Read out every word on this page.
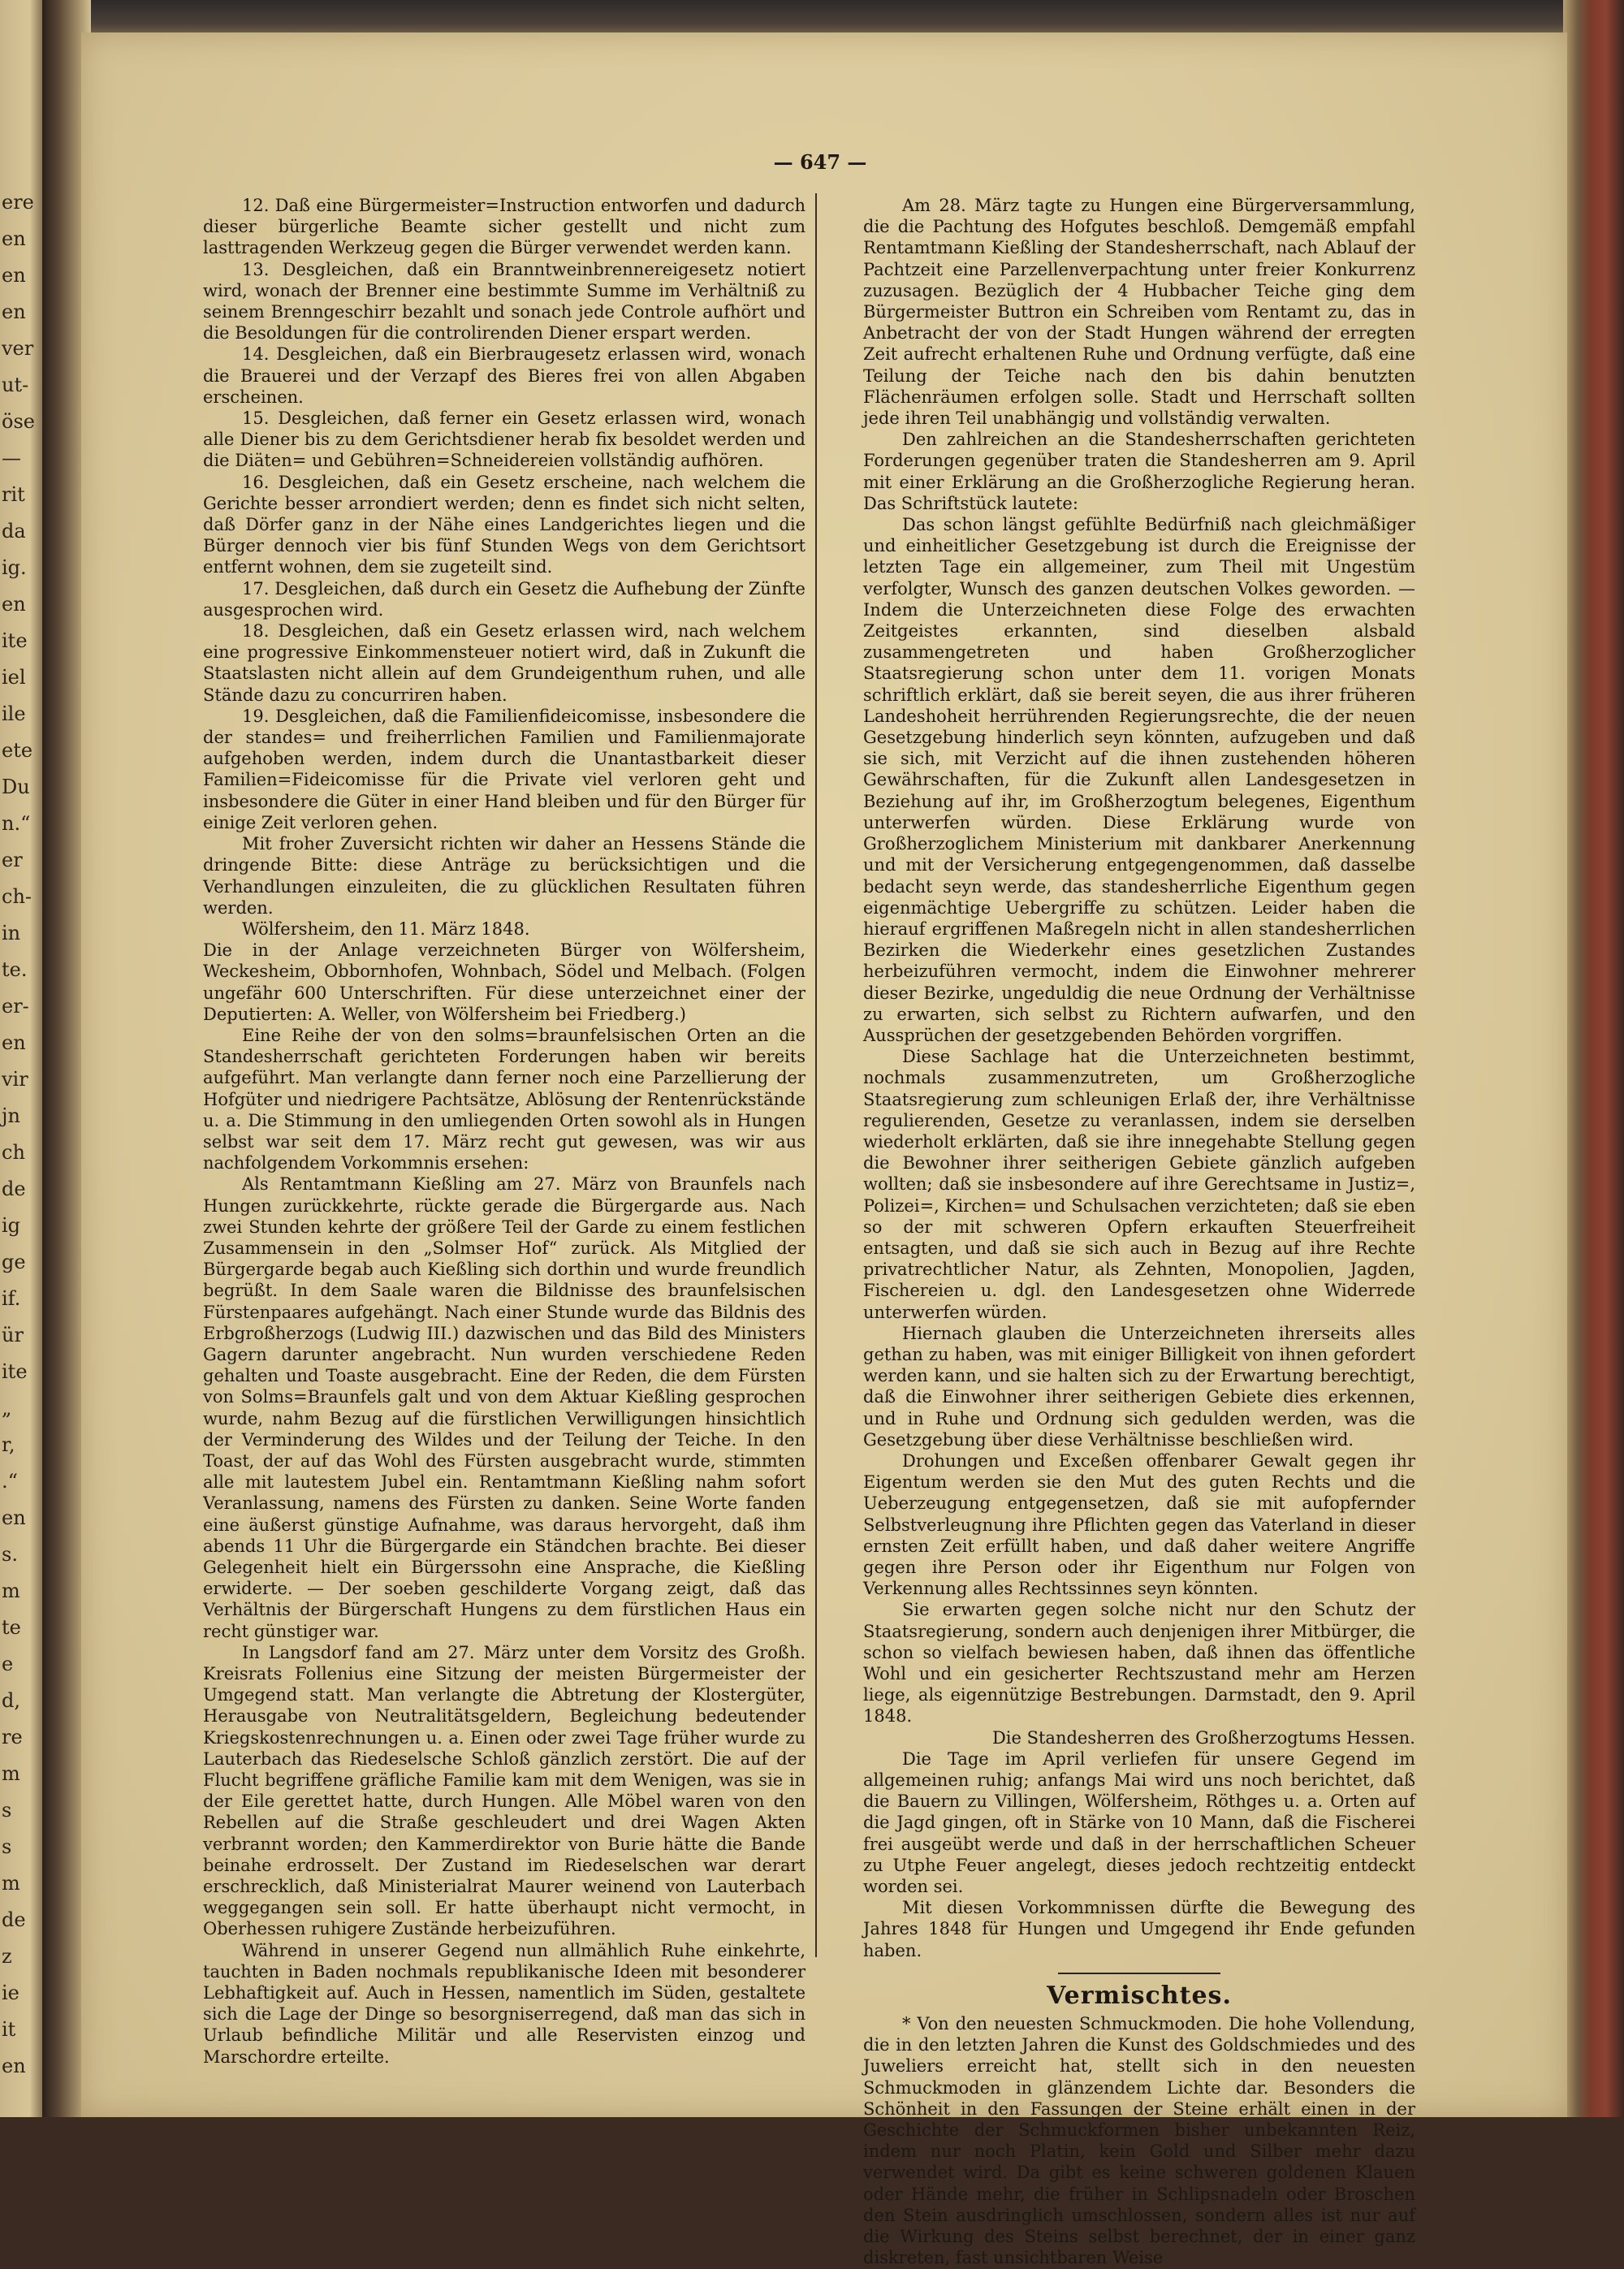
ere
en
en
en
ver
ut-
öse
—
rit
da
ig.
en
ite
iel
ile
ete
Du
n.“
er
ch-
in
te.
er-
en
vir
jn
ch
de
ig
ge
if.
ür
ite
„
r,
.“
en
s.
m
te
e
d,
re
m
s
s
m
de
z
ie
it
en
— 647 —

12. Daß eine Bürgermeister=Instruction entworfen und dadurch dieser bürgerliche Beamte sicher gestellt und nicht zum lasttragenden Werkzeug gegen die Bürger verwendet werden kann.

13. Desgleichen, daß ein Branntweinbrennereigesetz notiert wird, wonach der Brenner eine bestimmte Summe im Verhältniß zu seinem Brenngeschirr bezahlt und sonach jede Controle aufhört und die Besoldungen für die controlirenden Diener erspart werden.

14. Desgleichen, daß ein Bierbraugesetz erlassen wird, wonach die Brauerei und der Verzapf des Bieres frei von allen Abgaben erscheinen.

15. Desgleichen, daß ferner ein Gesetz erlassen wird, wonach alle Diener bis zu dem Gerichtsdiener herab fix besoldet werden und die Diäten= und Gebühren=Schneidereien vollständig aufhören.

16. Desgleichen, daß ein Gesetz erscheine, nach welchem die Gerichte besser arrondiert werden; denn es findet sich nicht selten, daß Dörfer ganz in der Nähe eines Landgerichtes liegen und die Bürger dennoch vier bis fünf Stunden Wegs von dem Gerichtsort entfernt wohnen, dem sie zugeteilt sind.

17. Desgleichen, daß durch ein Gesetz die Aufhebung der Zünfte ausgesprochen wird.

18. Desgleichen, daß ein Gesetz erlassen wird, nach welchem eine progressive Einkommensteuer notiert wird, daß in Zukunft die Staatslasten nicht allein auf dem Grundeigenthum ruhen, und alle Stände dazu zu concurriren haben.

19. Desgleichen, daß die Familienfideicomisse, insbesondere die der standes= und freiherrlichen Familien und Familienmajorate aufgehoben werden, indem durch die Unantastbarkeit dieser Familien=Fideicomisse für die Private viel verloren geht und insbesondere die Güter in einer Hand bleiben und für den Bürger für einige Zeit verloren gehen.

Mit froher Zuversicht richten wir daher an Hessens Stände die dringende Bitte: diese Anträge zu berücksichtigen und die Verhandlungen einzuleiten, die zu glücklichen Resultaten führen werden.

Wölfersheim, den 11. März 1848.

Die in der Anlage verzeichneten Bürger von Wölfersheim, Weckesheim, Obbornhofen, Wohnbach, Södel und Melbach. (Folgen ungefähr 600 Unterschriften. Für diese unterzeichnet einer der Deputierten: A. Weller, von Wölfersheim bei Friedberg.)

Eine Reihe der von den solms=braunfelsischen Orten an die Standesherrschaft gerichteten Forderungen haben wir bereits aufgeführt. Man verlangte dann ferner noch eine Parzellierung der Hofgüter und niedrigere Pachtsätze, Ablösung der Rentenrückstände u. a. Die Stimmung in den umliegenden Orten sowohl als in Hungen selbst war seit dem 17. März recht gut gewesen, was wir aus nachfolgendem Vorkommnis ersehen:

Als Rentamtmann Kießling am 27. März von Braunfels nach Hungen zurückkehrte, rückte gerade die Bürgergarde aus. Nach zwei Stunden kehrte der größere Teil der Garde zu einem festlichen Zusammensein in den „Solmser Hof“ zurück. Als Mitglied der Bürgergarde begab auch Kießling sich dorthin und wurde freundlich begrüßt. In dem Saale waren die Bildnisse des braunfelsischen Fürstenpaares aufgehängt. Nach einer Stunde wurde das Bildnis des Erbgroßherzogs (Ludwig III.) dazwischen und das Bild des Ministers Gagern darunter angebracht. Nun wurden verschiedene Reden gehalten und Toaste ausgebracht. Eine der Reden, die dem Fürsten von Solms=Braunfels galt und von dem Aktuar Kießling gesprochen wurde, nahm Bezug auf die fürstlichen Verwilligungen hinsichtlich der Verminderung des Wildes und der Teilung der Teiche. In den Toast, der auf das Wohl des Fürsten ausgebracht wurde, stimmten alle mit lautestem Jubel ein. Rentamtmann Kießling nahm sofort Veranlassung, namens des Fürsten zu danken. Seine Worte fanden eine äußerst günstige Aufnahme, was daraus hervorgeht, daß ihm abends 11 Uhr die Bürgergarde ein Ständchen brachte. Bei dieser Gelegenheit hielt ein Bürgerssohn eine Ansprache, die Kießling erwiderte. — Der soeben geschilderte Vorgang zeigt, daß das Verhältnis der Bürgerschaft Hungens zu dem fürstlichen Haus ein recht günstiger war.

In Langsdorf fand am 27. März unter dem Vorsitz des Großh. Kreisrats Follenius eine Sitzung der meisten Bürgermeister der Umgegend statt. Man verlangte die Abtretung der Klostergüter, Herausgabe von Neutralitätsgeldern, Begleichung bedeutender Kriegskostenrechnungen u. a. Einen oder zwei Tage früher wurde zu Lauterbach das Riedeselsche Schloß gänzlich zerstört. Die auf der Flucht begriffene gräfliche Familie kam mit dem Wenigen, was sie in der Eile gerettet hatte, durch Hungen. Alle Möbel waren von den Rebellen auf die Straße geschleudert und drei Wagen Akten verbrannt worden; den Kammerdirektor von Burie hätte die Bande beinahe erdrosselt. Der Zustand im Riedeselschen war derart erschrecklich, daß Ministerialrat Maurer weinend von Lauterbach weggegangen sein soll. Er hatte überhaupt nicht vermocht, in Oberhessen ruhigere Zustände herbeizuführen.

Während in unserer Gegend nun allmählich Ruhe einkehrte, tauchten in Baden nochmals republikanische Ideen mit besonderer Lebhaftigkeit auf. Auch in Hessen, namentlich im Süden, gestaltete sich die Lage der Dinge so besorgniserregend, daß man das sich in Urlaub befindliche Militär und alle Reservisten einzog und Marschordre erteilte.

Am 28. März tagte zu Hungen eine Bürgerversammlung, die die Pachtung des Hofgutes beschloß. Demgemäß empfahl Rentamtmann Kießling der Standesherrschaft, nach Ablauf der Pachtzeit eine Parzellenverpachtung unter freier Konkurrenz zuzusagen. Bezüglich der 4 Hubbacher Teiche ging dem Bürgermeister Buttron ein Schreiben vom Rentamt zu, das in Anbetracht der von der Stadt Hungen während der erregten Zeit aufrecht erhaltenen Ruhe und Ordnung verfügte, daß eine Teilung der Teiche nach den bis dahin benutzten Flächenräumen erfolgen solle. Stadt und Herrschaft sollten jede ihren Teil unabhängig und vollständig verwalten.

Den zahlreichen an die Standesherrschaften gerichteten Forderungen gegenüber traten die Standesherren am 9. April mit einer Erklärung an die Großherzogliche Regierung heran. Das Schriftstück lautete:

Das schon längst gefühlte Bedürfniß nach gleichmäßiger und einheitlicher Gesetzgebung ist durch die Ereignisse der letzten Tage ein allgemeiner, zum Theil mit Ungestüm verfolgter, Wunsch des ganzen deutschen Volkes geworden. — Indem die Unterzeichneten diese Folge des erwachten Zeitgeistes erkannten, sind dieselben alsbald zusammengetreten und haben Großherzoglicher Staatsregierung schon unter dem 11. vorigen Monats schriftlich erklärt, daß sie bereit seyen, die aus ihrer früheren Landeshoheit herrührenden Regierungsrechte, die der neuen Gesetzgebung hinderlich seyn könnten, aufzugeben und daß sie sich, mit Verzicht auf die ihnen zustehenden höheren Gewährschaften, für die Zukunft allen Landesgesetzen in Beziehung auf ihr, im Großherzogtum belegenes, Eigenthum unterwerfen würden. Diese Erklärung wurde von Großherzoglichem Ministerium mit dankbarer Anerkennung und mit der Versicherung entgegengenommen, daß dasselbe bedacht seyn werde, das standesherrliche Eigenthum gegen eigenmächtige Uebergriffe zu schützen. Leider haben die hierauf ergriffenen Maßregeln nicht in allen standesherrlichen Bezirken die Wiederkehr eines gesetzlichen Zustandes herbeizuführen vermocht, indem die Einwohner mehrerer dieser Bezirke, ungeduldig die neue Ordnung der Verhältnisse zu erwarten, sich selbst zu Richtern aufwarfen, und den Aussprüchen der gesetzgebenden Behörden vorgriffen.

Diese Sachlage hat die Unterzeichneten bestimmt, nochmals zusammenzutreten, um Großherzogliche Staatsregierung zum schleunigen Erlaß der, ihre Verhältnisse regulierenden, Gesetze zu veranlassen, indem sie derselben wiederholt erklärten, daß sie ihre innegehabte Stellung gegen die Bewohner ihrer seitherigen Gebiete gänzlich aufgeben wollten; daß sie insbesondere auf ihre Gerechtsame in Justiz=, Polizei=, Kirchen= und Schulsachen verzichteten; daß sie eben so der mit schweren Opfern erkauften Steuerfreiheit entsagten, und daß sie sich auch in Bezug auf ihre Rechte privatrechtlicher Natur, als Zehnten, Monopolien, Jagden, Fischereien u. dgl. den Landesgesetzen ohne Widerrede unterwerfen würden.

Hiernach glauben die Unterzeichneten ihrerseits alles gethan zu haben, was mit einiger Billigkeit von ihnen gefordert werden kann, und sie halten sich zu der Erwartung berechtigt, daß die Einwohner ihrer seitherigen Gebiete dies erkennen, und in Ruhe und Ordnung sich gedulden werden, was die Gesetzgebung über diese Verhältnisse beschließen wird.

Drohungen und Exceßen offenbarer Gewalt gegen ihr Eigentum werden sie den Mut des guten Rechts und die Ueberzeugung entgegensetzen, daß sie mit aufopfernder Selbstverleugnung ihre Pflichten gegen das Vaterland in dieser ernsten Zeit erfüllt haben, und daß daher weitere Angriffe gegen ihre Person oder ihr Eigenthum nur Folgen von Verkennung alles Rechtssinnes seyn könnten.

Sie erwarten gegen solche nicht nur den Schutz der Staatsregierung, sondern auch denjenigen ihrer Mitbürger, die schon so vielfach bewiesen haben, daß ihnen das öffentliche Wohl und ein gesicherter Rechtszustand mehr am Herzen liege, als eigennützige Bestrebungen. Darmstadt, den 9. April 1848.

Die Standesherren des Großherzogtums Hessen.

Die Tage im April verliefen für unsere Gegend im allgemeinen ruhig; anfangs Mai wird uns noch berichtet, daß die Bauern zu Villingen, Wölfersheim, Röthges u. a. Orten auf die Jagd gingen, oft in Stärke von 10 Mann, daß die Fischerei frei ausgeübt werde und daß in der herrschaftlichen Scheuer zu Utphe Feuer angelegt, dieses jedoch rechtzeitig entdeckt worden sei.

Mit diesen Vorkommnissen dürfte die Bewegung des Jahres 1848 für Hungen und Umgegend ihr Ende gefunden haben.

Vermischtes.

* Von den neuesten Schmuckmoden. Die hohe Vollendung, die in den letzten Jahren die Kunst des Goldschmiedes und des Juweliers erreicht hat, stellt sich in den neuesten Schmuckmoden in glänzendem Lichte dar. Besonders die Schönheit in den Fassungen der Steine erhält einen in der Geschichte der Schmuckformen bisher unbekannten Reiz, indem nur noch Platin, kein Gold und Silber mehr dazu verwendet wird. Da gibt es keine schweren goldenen Klauen oder Hände mehr, die früher in Schlipsnadeln oder Broschen den Stein ausdringlich umschlossen, sondern alles ist nur auf die Wirkung des Steins selbst berechnet, der in einer ganz diskreten, fast unsichtbaren Weise
